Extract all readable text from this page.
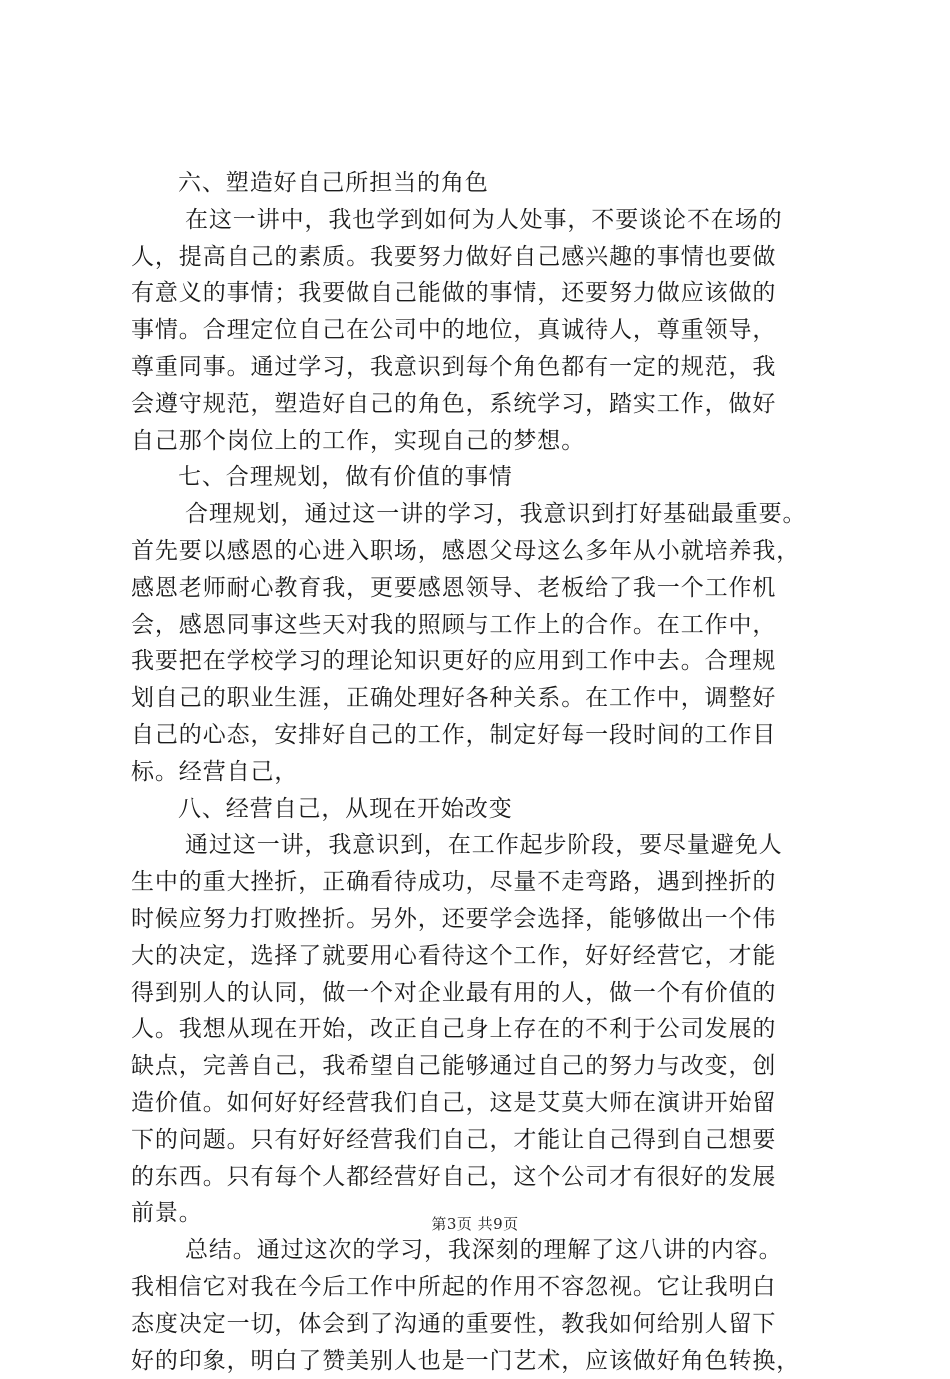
六、塑造好自己所担当的角色
在这一讲中，我也学到如何为人处事，不要谈论不在场的
人，提高自己的素质。我要努力做好自己感兴趣的事情也要做
有意义的事情；我要做自己能做的事情，还要努力做应该做的
事情。合理定位自己在公司中的地位，真诚待人，尊重领导，
尊重同事。通过学习，我意识到每个角色都有一定的规范，我
会遵守规范，塑造好自己的角色，系统学习，踏实工作，做好
自己那个岗位上的工作，实现自己的梦想。
七、合理规划，做有价值的事情
合理规划，通过这一讲的学习，我意识到打好基础最重要。
首先要以感恩的心进入职场，感恩父母这么多年从小就培养我，
感恩老师耐心教育我，更要感恩领导、老板给了我一个工作机
会，感恩同事这些天对我的照顾与工作上的合作。在工作中，
我要把在学校学习的理论知识更好的应用到工作中去。合理规
划自己的职业生涯，正确处理好各种关系。在工作中，调整好
自己的心态，安排好自己的工作，制定好每一段时间的工作目
标。经营自己，
八、经营自己，从现在开始改变
通过这一讲，我意识到，在工作起步阶段，要尽量避免人
生中的重大挫折，正确看待成功，尽量不走弯路，遇到挫折的
时候应努力打败挫折。另外，还要学会选择，能够做出一个伟
大的决定，选择了就要用心看待这个工作，好好经营它，才能
得到别人的认同，做一个对企业最有用的人，做一个有价值的
人。我想从现在开始，改正自己身上存在的不利于公司发展的
缺点，完善自己，我希望自己能够通过自己的努力与改变，创
造价值。如何好好经营我们自己，这是艾莫大师在演讲开始留
下的问题。只有好好经营我们自己，才能让自己得到自己想要
的东西。只有每个人都经营好自己，这个公司才有很好的发展
前景。
总结。通过这次的学习，我深刻的理解了这八讲的内容。
我相信它对我在今后工作中所起的作用不容忽视。它让我明白
态度决定一切，体会到了沟通的重要性，教我如何给别人留下
好的印象，明白了赞美别人也是一门艺术，应该做好角色转换，
第3页 共9页
